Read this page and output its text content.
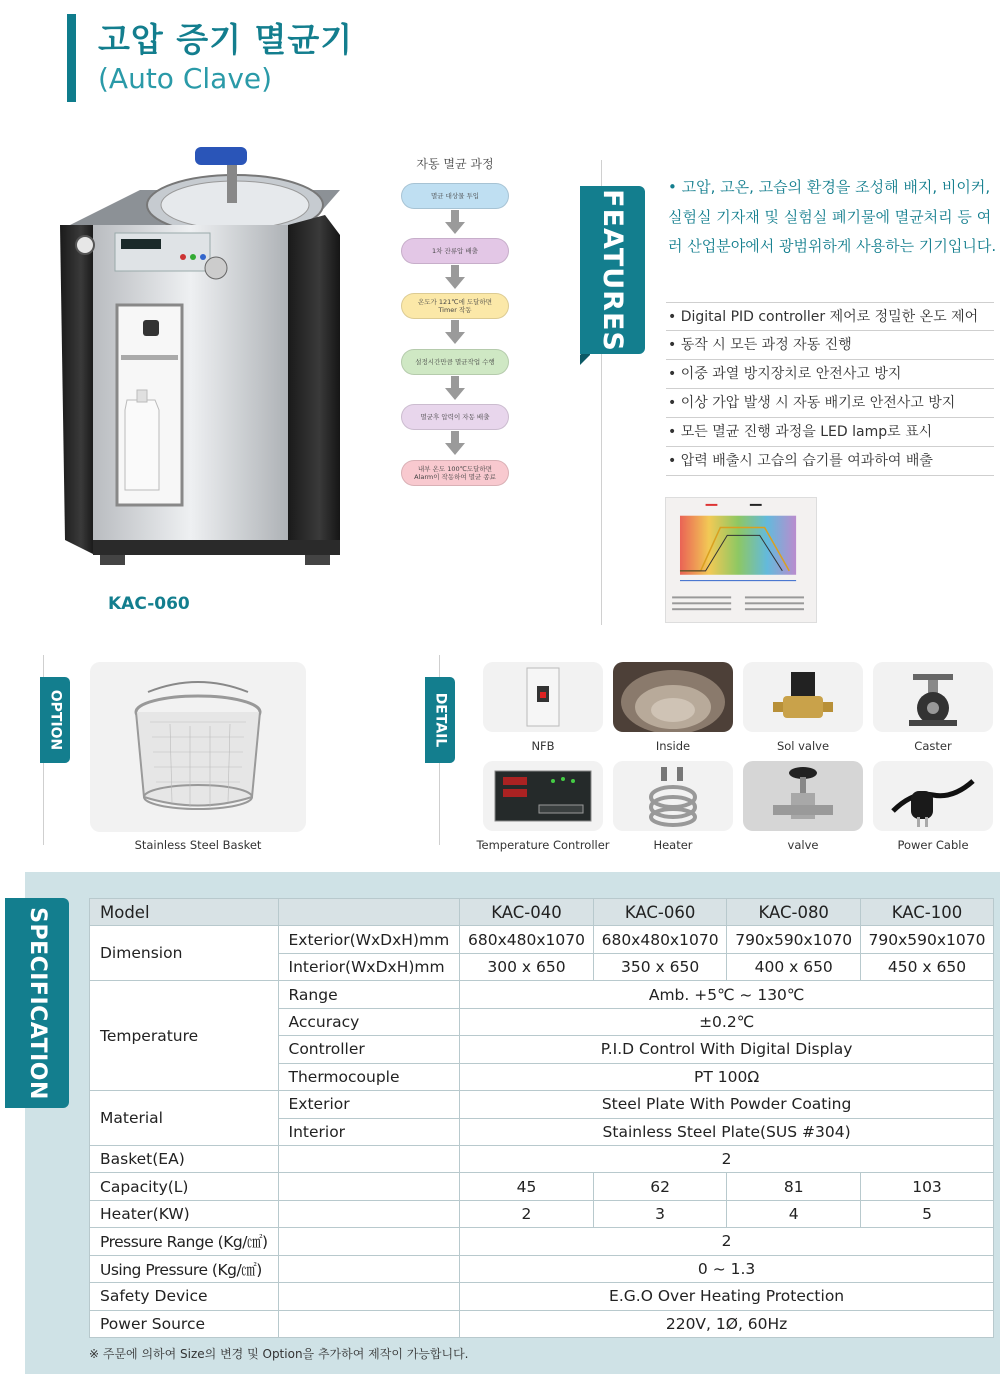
고압 증기 멸균기
(Auto Clave)
KAC-060
자동 멸균 과정
멸균 대상물 투입
1차 잔류압 배출
온도가 121℃에 도달하면
Timer 작동
설정시간만큼 멸균작업 수행
멸균후 압력이 자동 배출
내부 온도 100℃도달하면
Alarm이 작동하여 멸균 종료
FEATURES
• 고압, 고온, 고습의 환경을 조성해 배지, 비이커, 실험실 기자재 및 실험실 폐기물에 멸균처리 등 여러 산업분야에서 광범위하게 사용하는 기기입니다.
• Digital PID controller 제어로 정밀한 온도 제어
• 동작 시 모든 과정 자동 진행
• 이중 과열 방지장치로 안전사고 방지
• 이상 가압 발생 시 자동 배기로 안전사고 방지
• 모든 멸균 진행 과정을 LED lamp로 표시
• 압력 배출시 고습의 습기를 여과하여 배출
OPTION
Stainless Steel Basket
DETAIL	NFB	Inside	Sol valve	Caster
Temperature Controller	Heater	valve	Power Cable
SPECIFICATION	Model		KAC-040	KAC-060	KAC-080	KAC-100
Dimension	Exterior(WxDxH)mm	680x480x1070	680x480x1070	790x590x1070	790x590x1070
	Interior(WxDxH)mm	300 x 650	350 x 650	400 x 650	450 x 650
Temperature	Range	Amb. +5℃ ~ 130℃			
	Accuracy	±0.2℃			
	Controller	P.I.D Control With Digital Display			
	Thermocouple	PT 100Ω			
Material	Exterior	Steel Plate With Powder Coating			
	Interior	Stainless Steel Plate(SUS #304)			
Basket(EA)		2			
Capacity(L)		45	62	81	103
Heater(KW)		2	3	4	5
Pressure Range (Kg/㎠)		2			
Using Pressure (Kg/㎠)		0 ~ 1.3			
Safety Device		E.G.O Over Heating Protection			
Power Source		220V, 1Ø, 60Hz			
※ 주문에 의하여 Size의 변경 및 Option을 추가하여 제작이 가능합니다.
